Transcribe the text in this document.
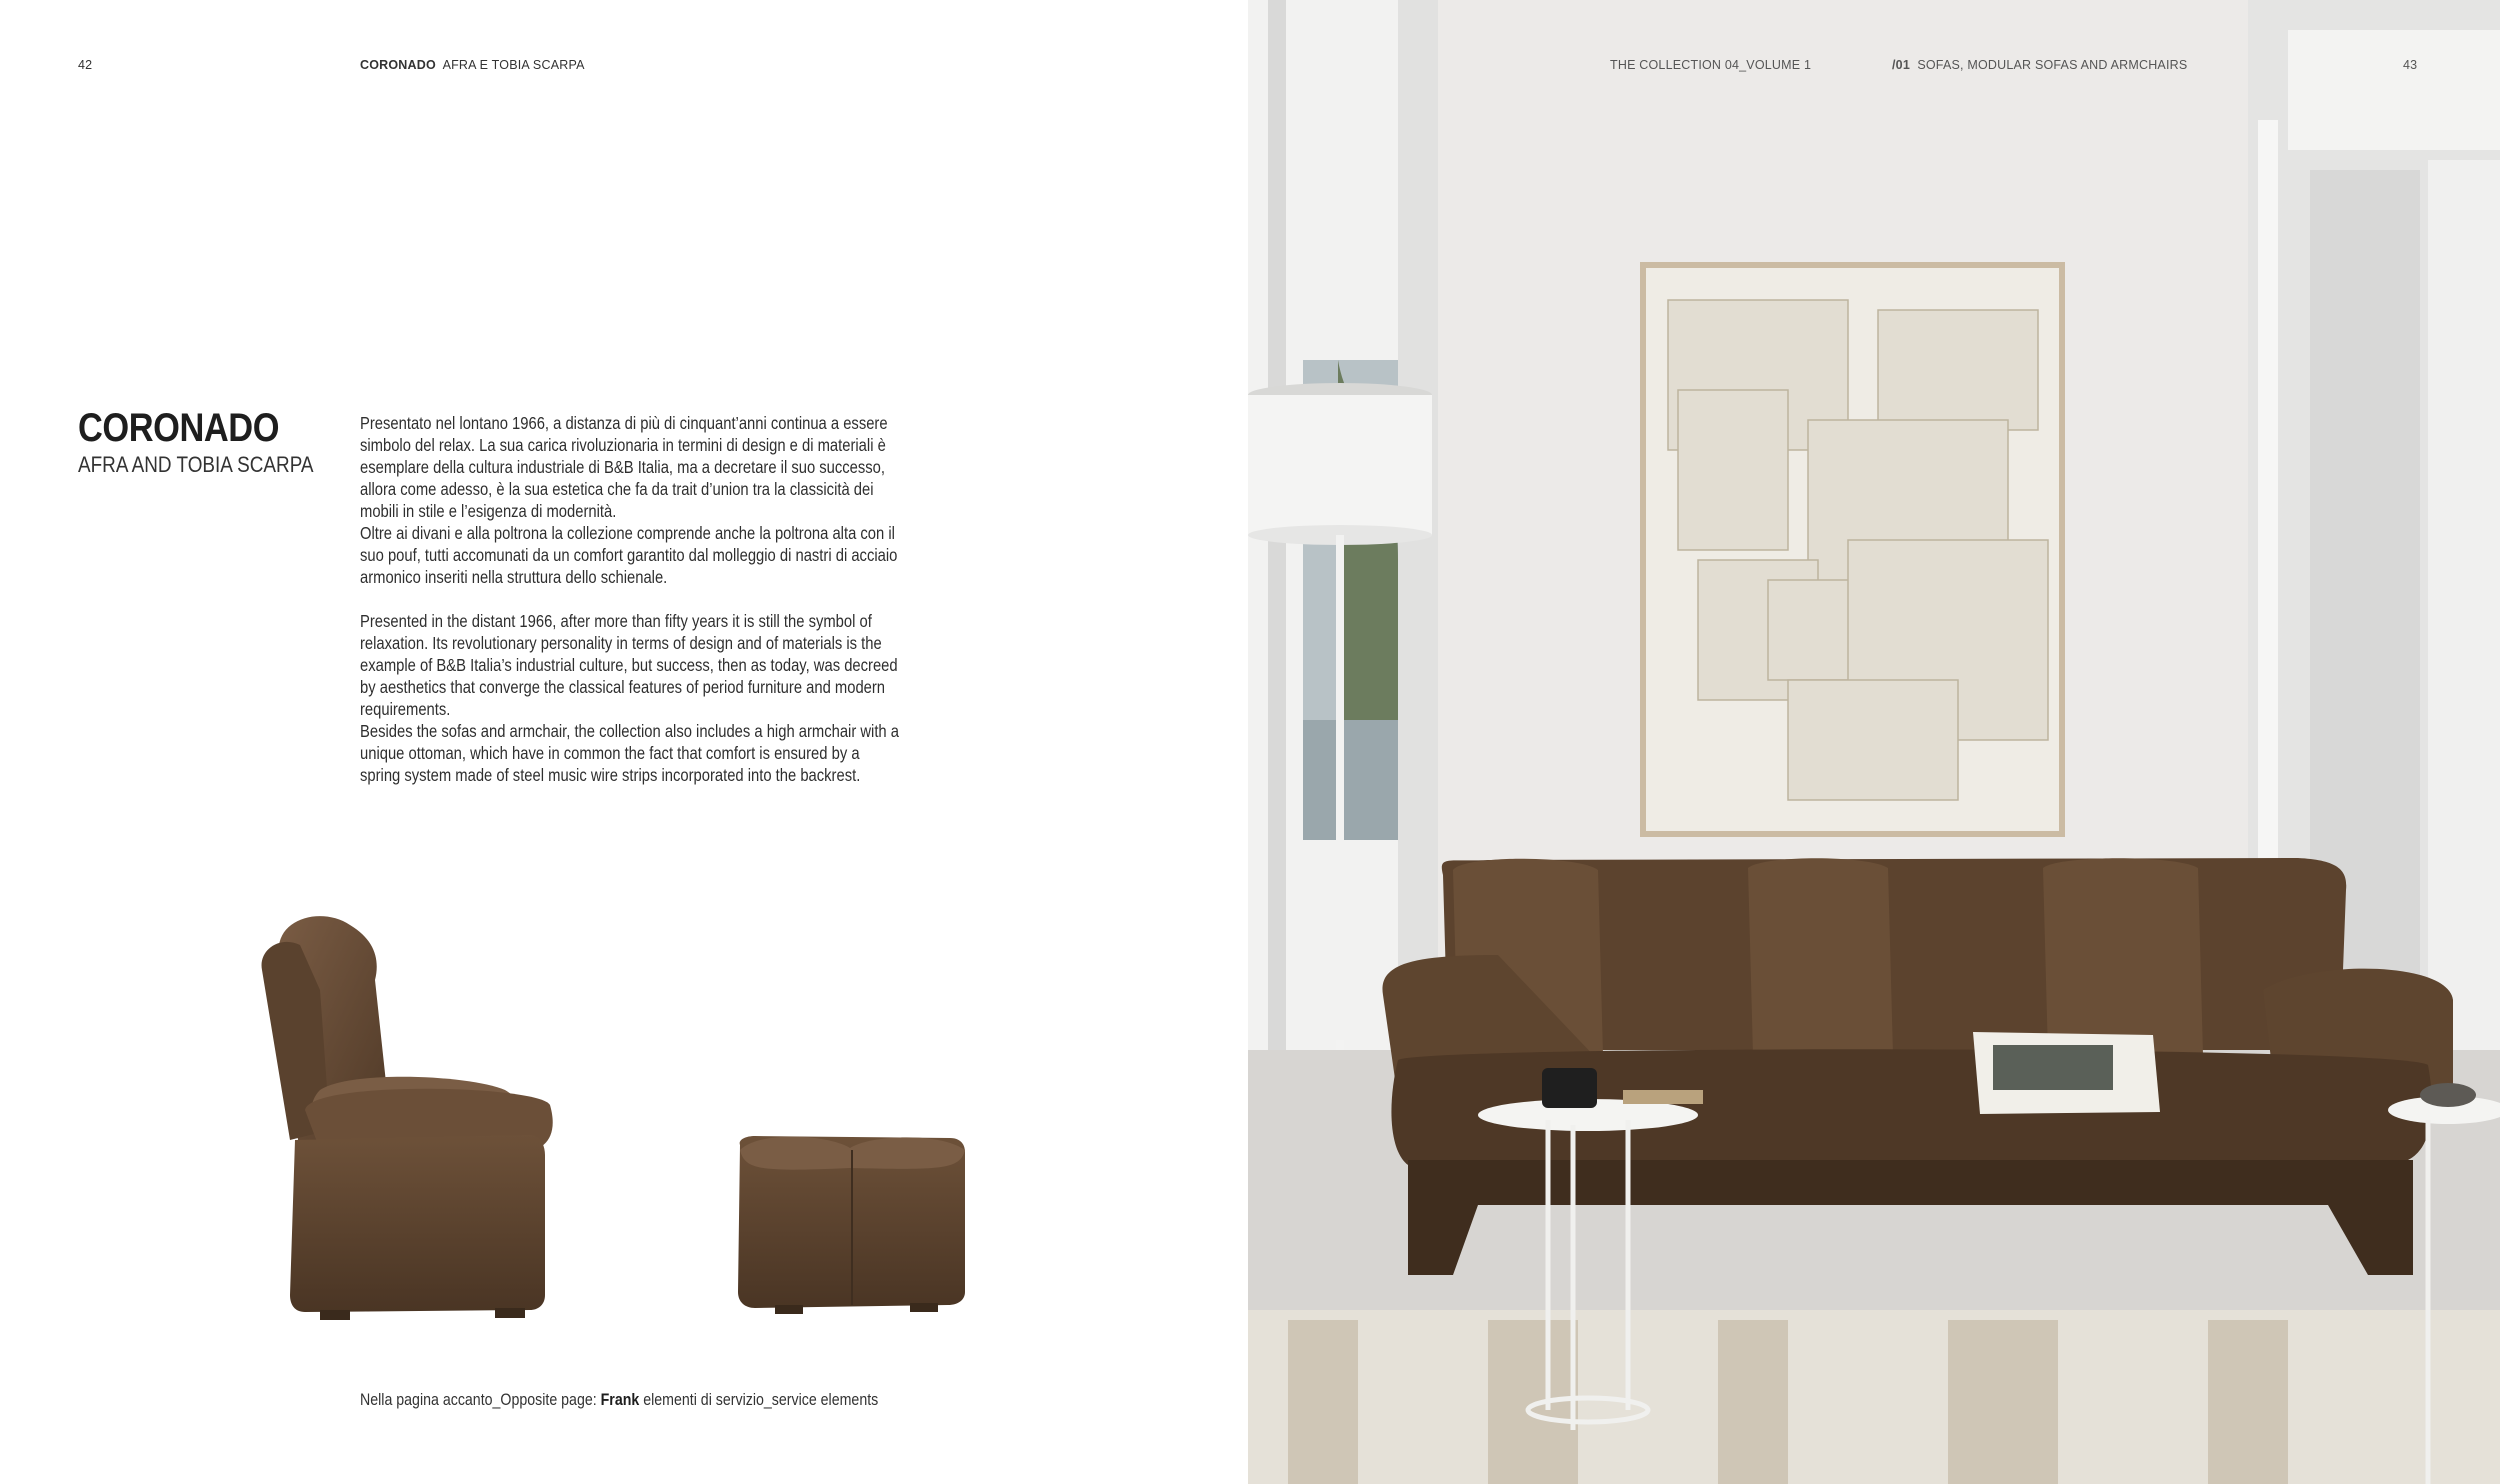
42	CORONADO AFRA E TOBIA SCARPA
CORONADO
AFRA AND TOBIA SCARPA
Presentato nel lontano 1966, a distanza di più di cinquant’anni continua a essere simbolo del relax. La sua carica rivoluzionaria in termini di design e di materiali è esemplare della cultura industriale di B&B Italia, ma a decretare il suo successo, allora come adesso, è la sua estetica che fa da trait d’union tra la classicità dei mobili in stile e l’esigenza di modernità.
Oltre ai divani e alla poltrona la collezione comprende anche la poltrona alta con il suo pouf, tutti accomunati da un comfort garantito dal molleggio di nastri di acciaio armonico inseriti nella struttura dello schienale.
Presented in the distant 1966, after more than fifty years it is still the symbol of relaxation. Its revolutionary personality in terms of design and of materials is the example of B&B Italia’s industrial culture, but success, then as today, was decreed by aesthetics that converge the classical features of period furniture and modern requirements.
Besides the sofas and armchair, the collection also includes a high armchair with a unique ottoman, which have in common the fact that comfort is ensured by a spring system made of steel music wire strips incorporated into the backrest.
Nella pagina accanto_Opposite page: Frank elementi di servizio_service elements
THE COLLECTION 04_VOLUME 1	/01 SOFAS, MODULAR SOFAS AND ARMCHAIRS	43
